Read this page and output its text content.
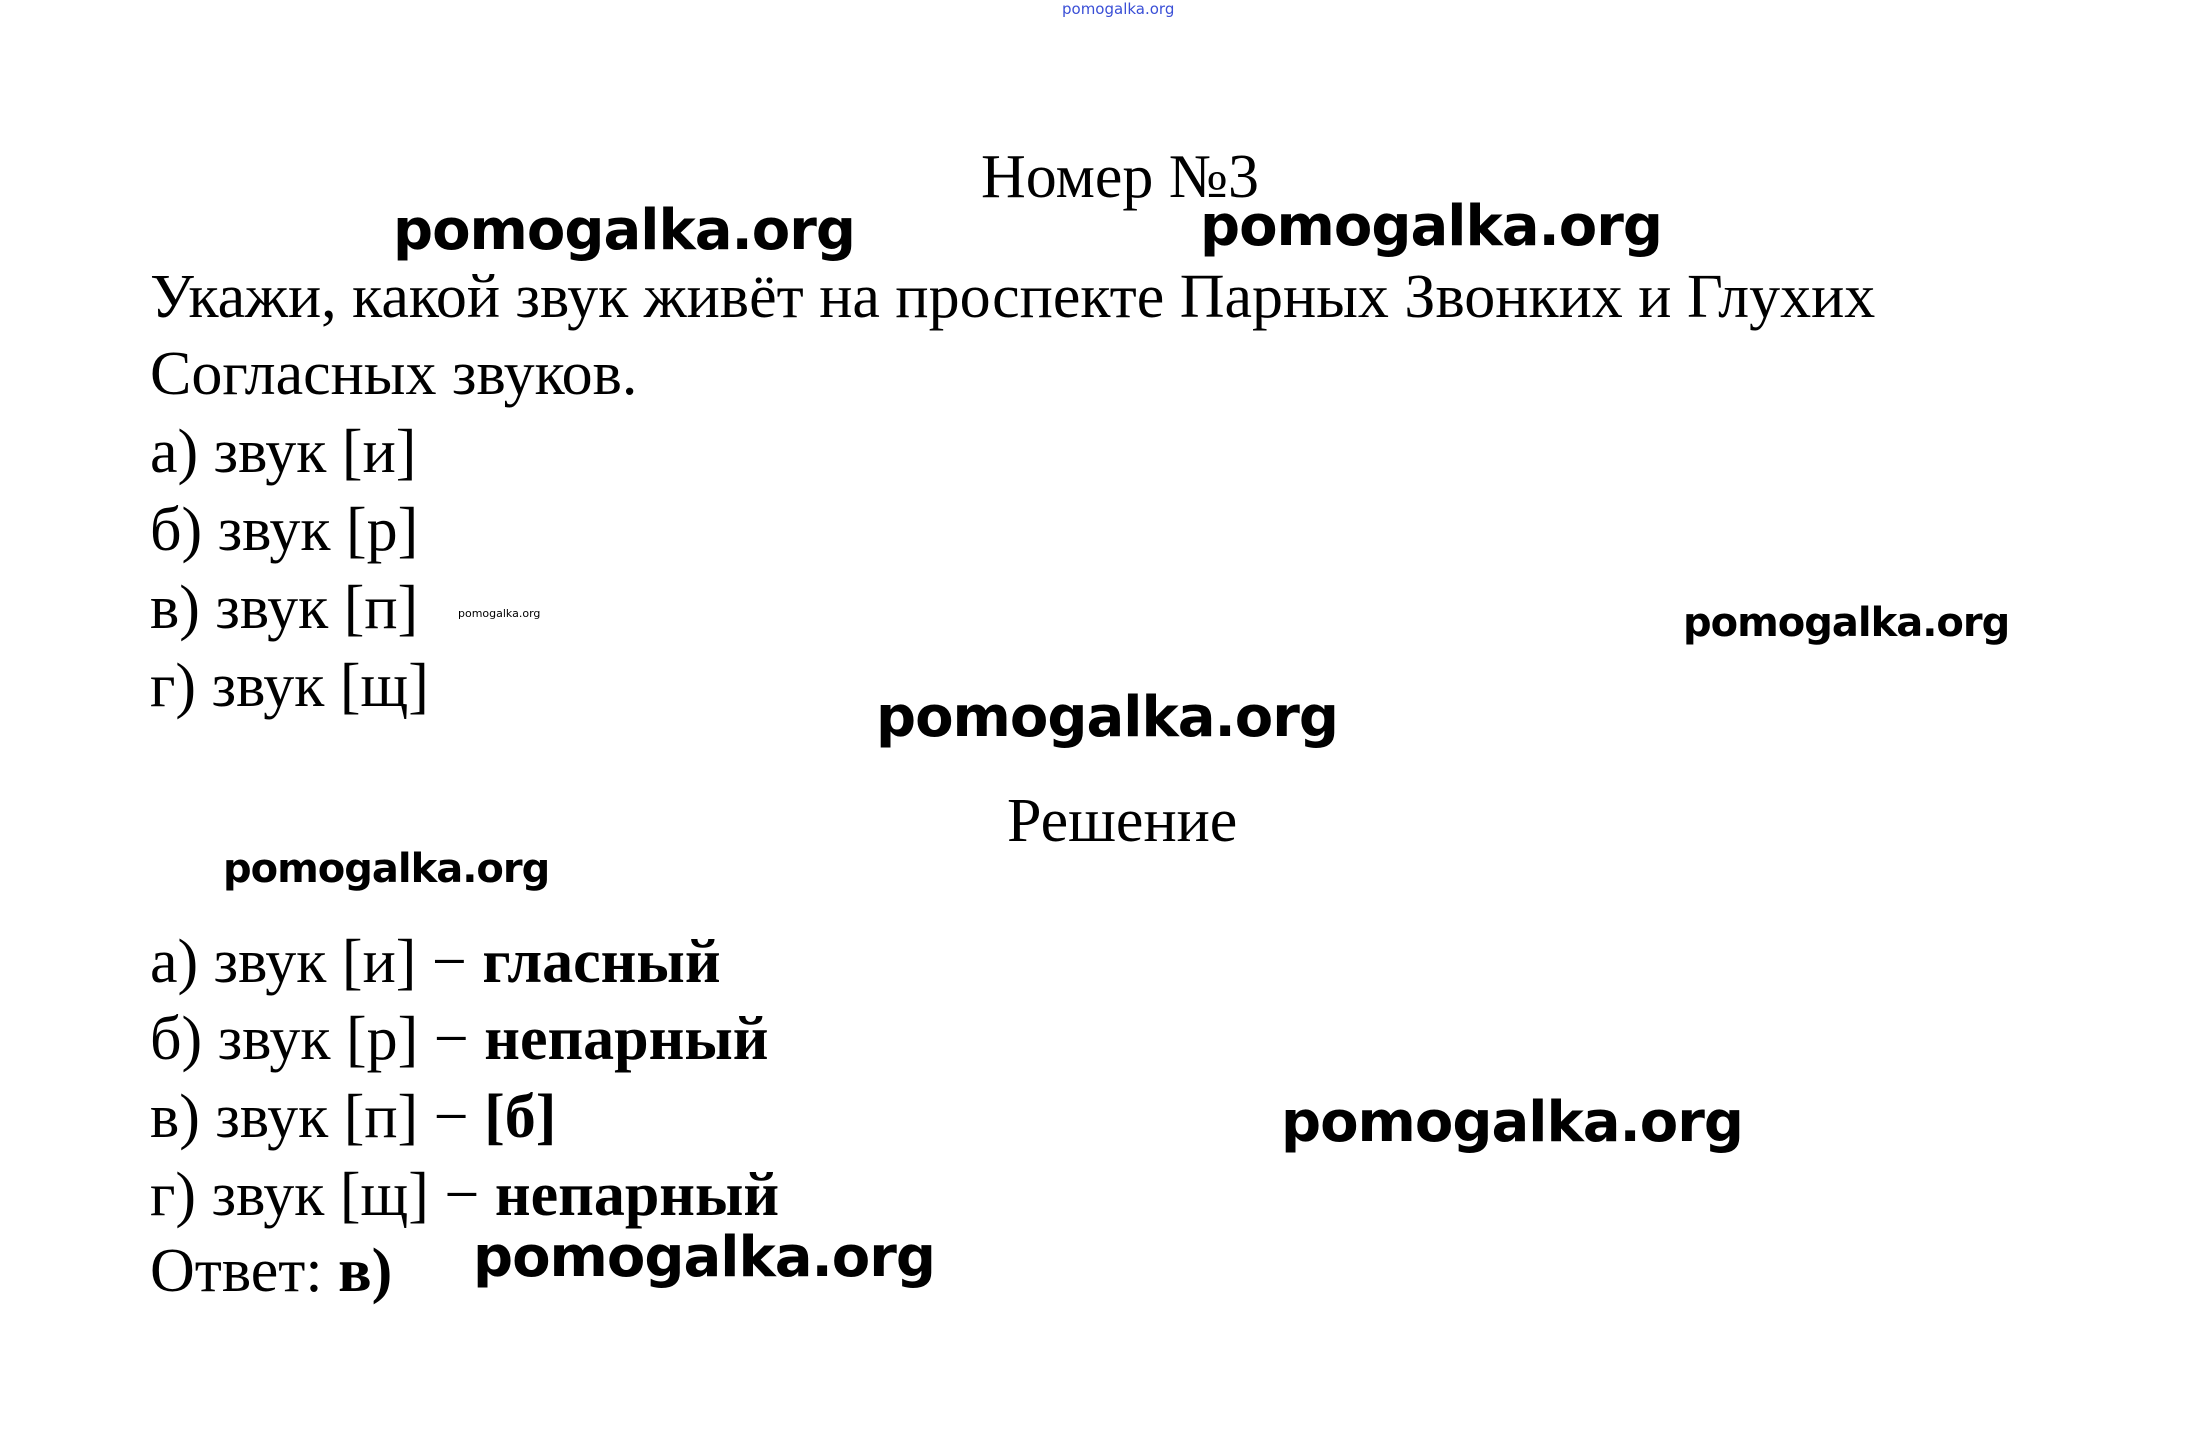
pomogalka.org
pomogalka.org	pomogalka.org
pomogalka.org	pomogalka.org
pomogalka.org
pomogalka.org
pomogalka.org
pomogalka.org
Номер №3

Укажи, какой звук живёт на проспекте Парных Звонких и Глухих

Согласных звуков.

а) звук [и]

б) звук [р]

в) звук [п]

г) звук [щ]

Решение

а) звук [и] − гласный

б) звук [р] − непарный

в) звук [п] − [б]

г) звук [щ] − непарный

Ответ: в)
